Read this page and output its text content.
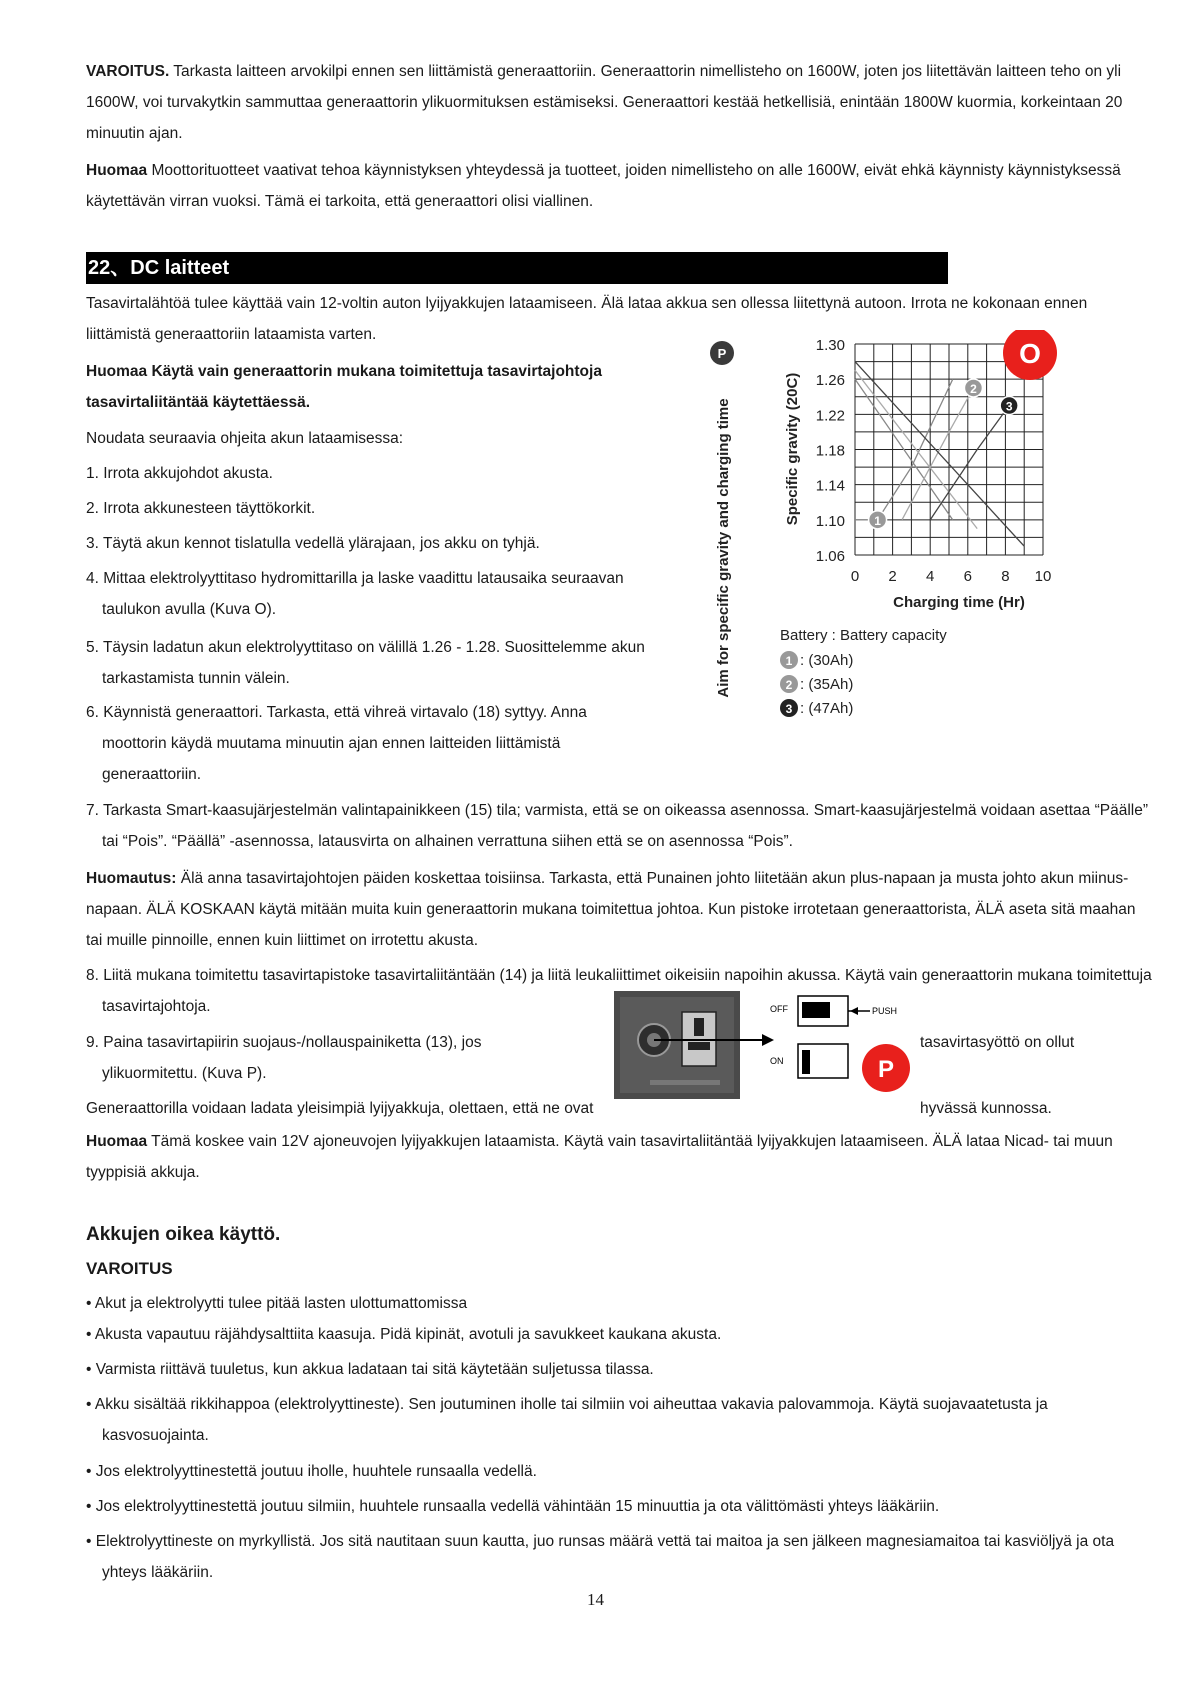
VAROITUS. Tarkasta laitteen arvokilpi ennen sen liittämistä generaattoriin. Generaattorin nimellisteho on 1600W, joten jos liitettävän laitteen teho on yli 1600W, voi turvakytkin sammuttaa generaattorin ylikuormituksen estämiseksi. Generaattori kestää hetkellisiä, enintään 1800W kuormia, korkeintaan 20 minuutin ajan.
Huomaa Moottorituotteet vaativat tehoa käynnistyksen yhteydessä ja tuotteet, joiden nimellisteho on alle 1600W, eivät ehkä käynnisty käynnistyksessä käytettävän virran vuoksi. Tämä ei tarkoita, että generaattori olisi viallinen.
22、DC laitteet
Tasavirtalähtöä tulee käyttää vain 12-voltin auton lyijyakkujen lataamiseen. Älä lataa akkua sen ollessa liitettynä autoon. Irrota ne kokonaan ennen liittämistä generaattoriin lataamista varten.
Huomaa Käytä vain generaattorin mukana toimitettuja tasavirtajohtoja tasavirtaliitäntää käytettäessä.
Noudata seuraavia ohjeita akun lataamisessa:
1. Irrota akkujohdot akusta.
2. Irrota akkunesteen täyttökorkit.
3. Täytä akun kennot tislatulla vedellä ylärajaan, jos akku on tyhjä.
4. Mittaa elektrolyyttitaso hydromittarilla ja laske vaadittu latausaika seuraavan taulukon avulla (Kuva O).
5. Täysin ladatun akun elektrolyyttitaso on välillä 1.26 - 1.28. Suosittelemme akun tarkastamista tunnin välein.
6. Käynnistä generaattori. Tarkasta, että vihreä virtavalo (18) syttyy. Anna moottorin käydä muutama minuutin ajan ennen laitteiden liittämistä generaattoriin.
Aim for specific gravity and charging time
P
Specific gravity (20C)
1.30
1.26
1.22
1.18
1.14
1.10
1.06
0 2 4 6 8 10
Charging time (Hr)
1
2
3
O
Battery : Battery capacity
1 : (30Ah)
2 : (35Ah)
3 : (47Ah)
7. Tarkasta Smart-kaasujärjestelmän valintapainikkeen (15) tila; varmista, että se on oikeassa asennossa. Smart-kaasujärjestelmä voidaan asettaa “Päälle” tai “Pois”. “Päällä” -asennossa, latausvirta on alhainen verrattuna siihen että se on asennossa “Pois”.
Huomautus: Älä anna tasavirtajohtojen päiden koskettaa toisiinsa. Tarkasta, että Punainen johto liitetään akun plus-napaan ja musta johto akun miinus-napaan. ÄLÄ KOSKAAN käytä mitään muita kuin generaattorin mukana toimitettua johtoa. Kun pistoke irrotetaan generaattorista, ÄLÄ aseta sitä maahan tai muille pinnoille, ennen kuin liittimet on irrotettu akusta.
8. Liitä mukana toimitettu tasavirtapistoke tasavirtaliitäntään (14) ja liitä leukaliittimet oikeisiin napoihin akussa. Käytä vain generaattorin mukana toimitettuja tasavirtajohtoja.
9. Paina tasavirtapiirin suojaus-/nollauspainiketta (13), jos ylikuormitettu. (Kuva P).
tasavirtasyöttö on ollut
Generaattorilla voidaan ladata yleisimpiä lyijyakkuja, olettaen, että ne ovat	hyvässä kunnossa.
OFF	PUSH
ON	P
Huomaa Tämä koskee vain 12V ajoneuvojen lyijyakkujen lataamista. Käytä vain tasavirtaliitäntää lyijyakkujen lataamiseen. ÄLÄ lataa Nicad- tai muun tyyppisiä akkuja.
Akkujen oikea käyttö.
VAROITUS
• Akut ja elektrolyytti tulee pitää lasten ulottumattomissa
• Akusta vapautuu räjähdysalttiita kaasuja. Pidä kipinät, avotuli ja savukkeet kaukana akusta.
• Varmista riittävä tuuletus, kun akkua ladataan tai sitä käytetään suljetussa tilassa.
• Akku sisältää rikkihappoa (elektrolyyttineste). Sen joutuminen iholle tai silmiin voi aiheuttaa vakavia palovammoja. Käytä suojavaatetusta ja kasvosuojainta.
• Jos elektrolyyttinestettä joutuu iholle, huuhtele runsaalla vedellä.
• Jos elektrolyyttinestettä joutuu silmiin, huuhtele runsaalla vedellä vähintään 15 minuuttia ja ota välittömästi yhteys lääkäriin.
• Elektrolyyttineste on myrkyllistä. Jos sitä nautitaan suun kautta, juo runsas määrä vettä tai maitoa ja sen jälkeen magnesiamaitoa tai kasviöljyä ja ota yhteys lääkäriin.
14
